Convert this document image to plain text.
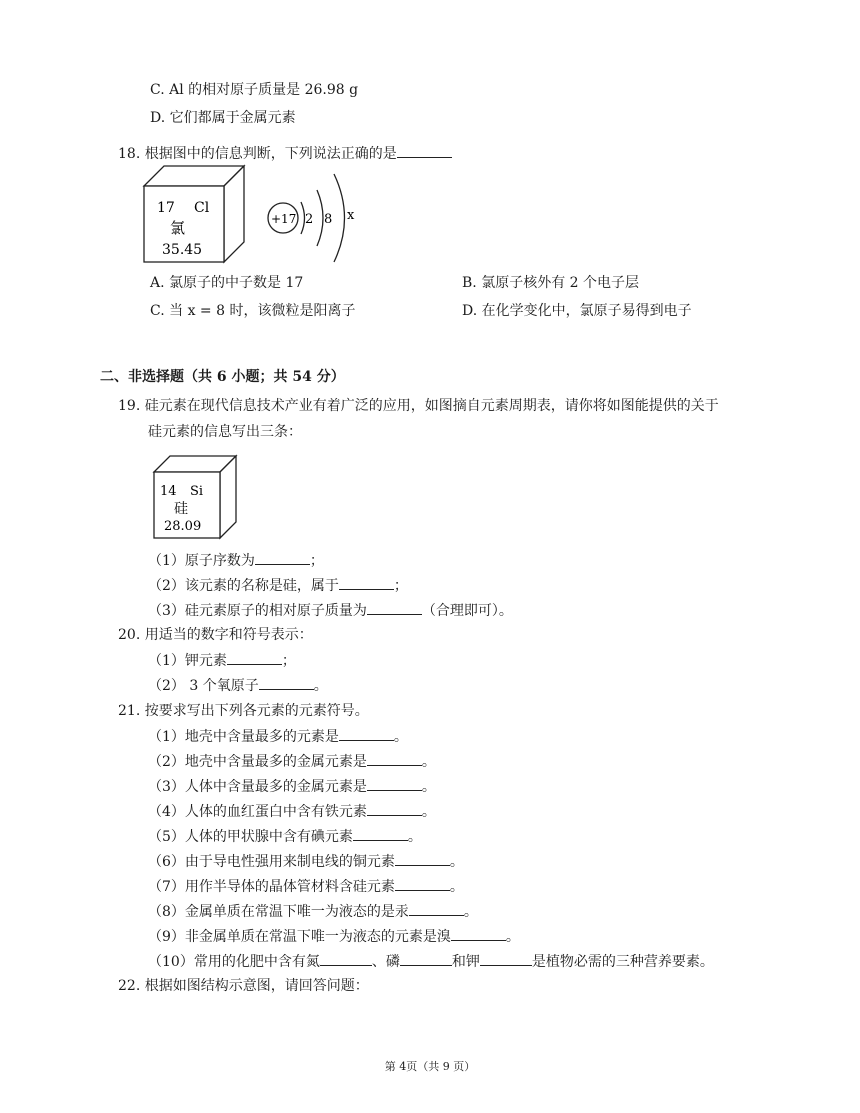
C. Al 的相对原子质量是 26.98 g
D. 它们都属于金属元素
18. 根据图中的信息判断，下列说法正确的是
17 Cl
氯
35.45
+17 2 8 x
A. 氯原子的中子数是 17	B. 氯原子核外有 2 个电子层
C. 当 x = 8 时，该微粒是阳离子	D. 在化学变化中，氯原子易得到电子
二、非选择题（共 6 小题；共 54 分）
19. 硅元素在现代信息技术产业有着广泛的应用，如图摘自元素周期表，请你将如图能提供的关于
硅元素的信息写出三条：
14 Si
硅
28.09
（1）原子序数为	；
（2）该元素的名称是硅，属于	；
（3）硅元素原子的相对原子质量为	（合理即可）。
20. 用适当的数字和符号表示：
（1）钾元素	；
（2） 3 个氧原子	。
21. 按要求写出下列各元素的元素符号。
（1）地壳中含量最多的元素是	。
（2）地壳中含量最多的金属元素是	。
（3）人体中含量最多的金属元素是	。
（4）人体的血红蛋白中含有铁元素	。
（5）人体的甲状腺中含有碘元素	。
（6）由于导电性强用来制电线的铜元素	。
（7）用作半导体的晶体管材料含硅元素	。
（8）金属单质在常温下唯一为液态的是汞	。
（9）非金属单质在常温下唯一为液态的元素是溴	。
（10）常用的化肥中含有氮	、磷	和钾	是植物必需的三种营养要素。
22. 根据如图结构示意图，请回答问题：
第 4页（共 9 页）
